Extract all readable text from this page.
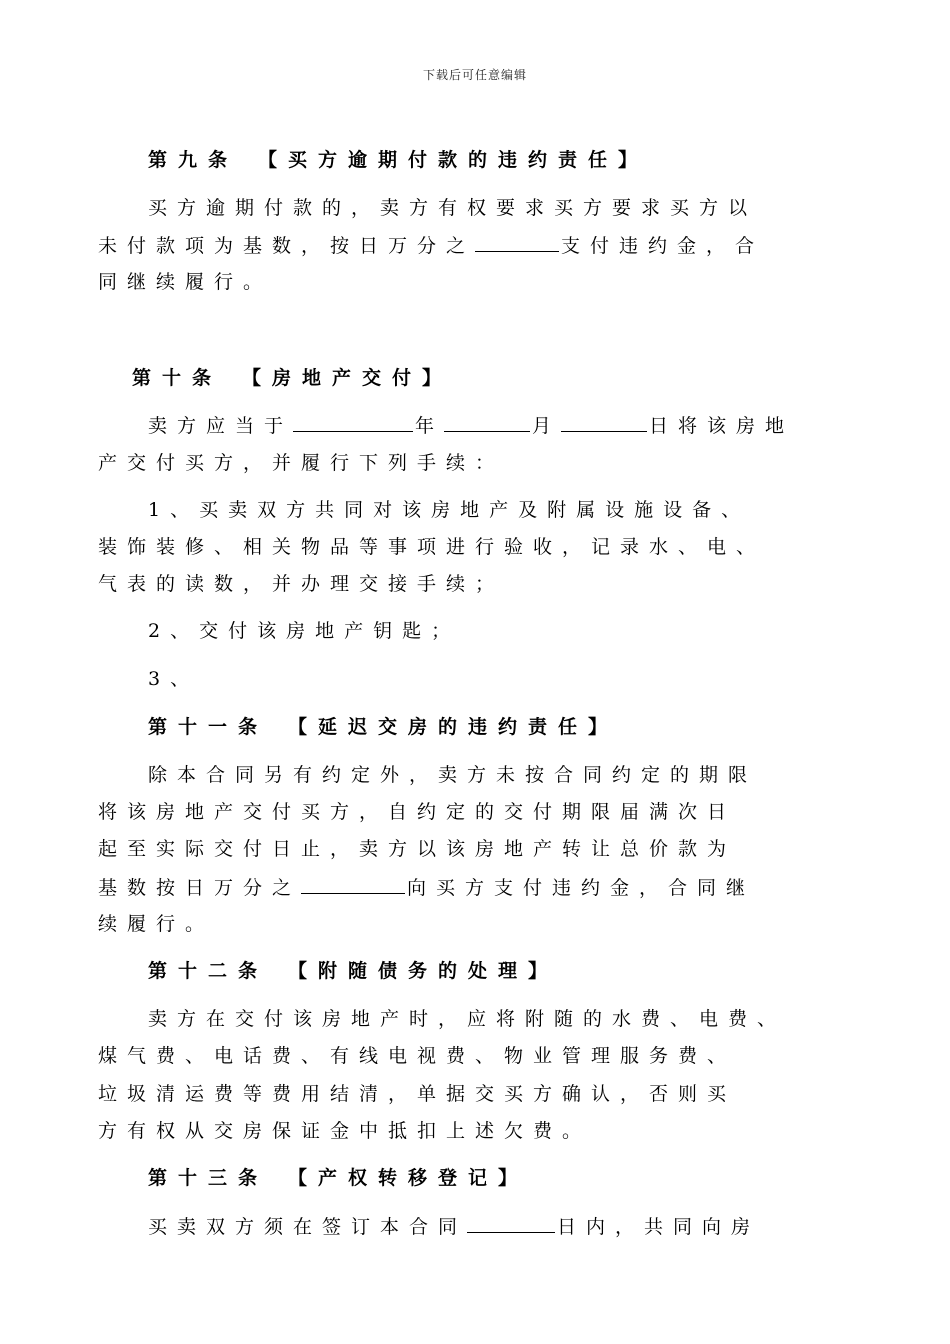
下载后可任意编辑
第九条 【买方逾期付款的违约责任】
买方逾期付款的，卖方有权要求买方要求买方以
未付款项为基数，按日万分之	支付违约金，合
同继续履行。
第十条 【房地产交付】
卖方应当于	年	月	日将该房地
产交付买方，并履行下列手续：
1、买卖双方共同对该房地产及附属设施设备、
装饰装修、相关物品等事项进行验收，记录水、电、
气表的读数，并办理交接手续；
2、交付该房地产钥匙；
3、
第十一条 【延迟交房的违约责任】
除本合同另有约定外，卖方未按合同约定的期限
将该房地产交付买方，自约定的交付期限届满次日
起至实际交付日止，卖方以该房地产转让总价款为
基数按日万分之	向买方支付违约金，合同继
续履行。
第十二条 【附随债务的处理】
卖方在交付该房地产时，应将附随的水费、电费、
煤气费、电话费、有线电视费、物业管理服务费、
垃圾清运费等费用结清，单据交买方确认，否则买
方有权从交房保证金中抵扣上述欠费。
第十三条 【产权转移登记】
买卖双方须在签订本合同	日内，共同向房
